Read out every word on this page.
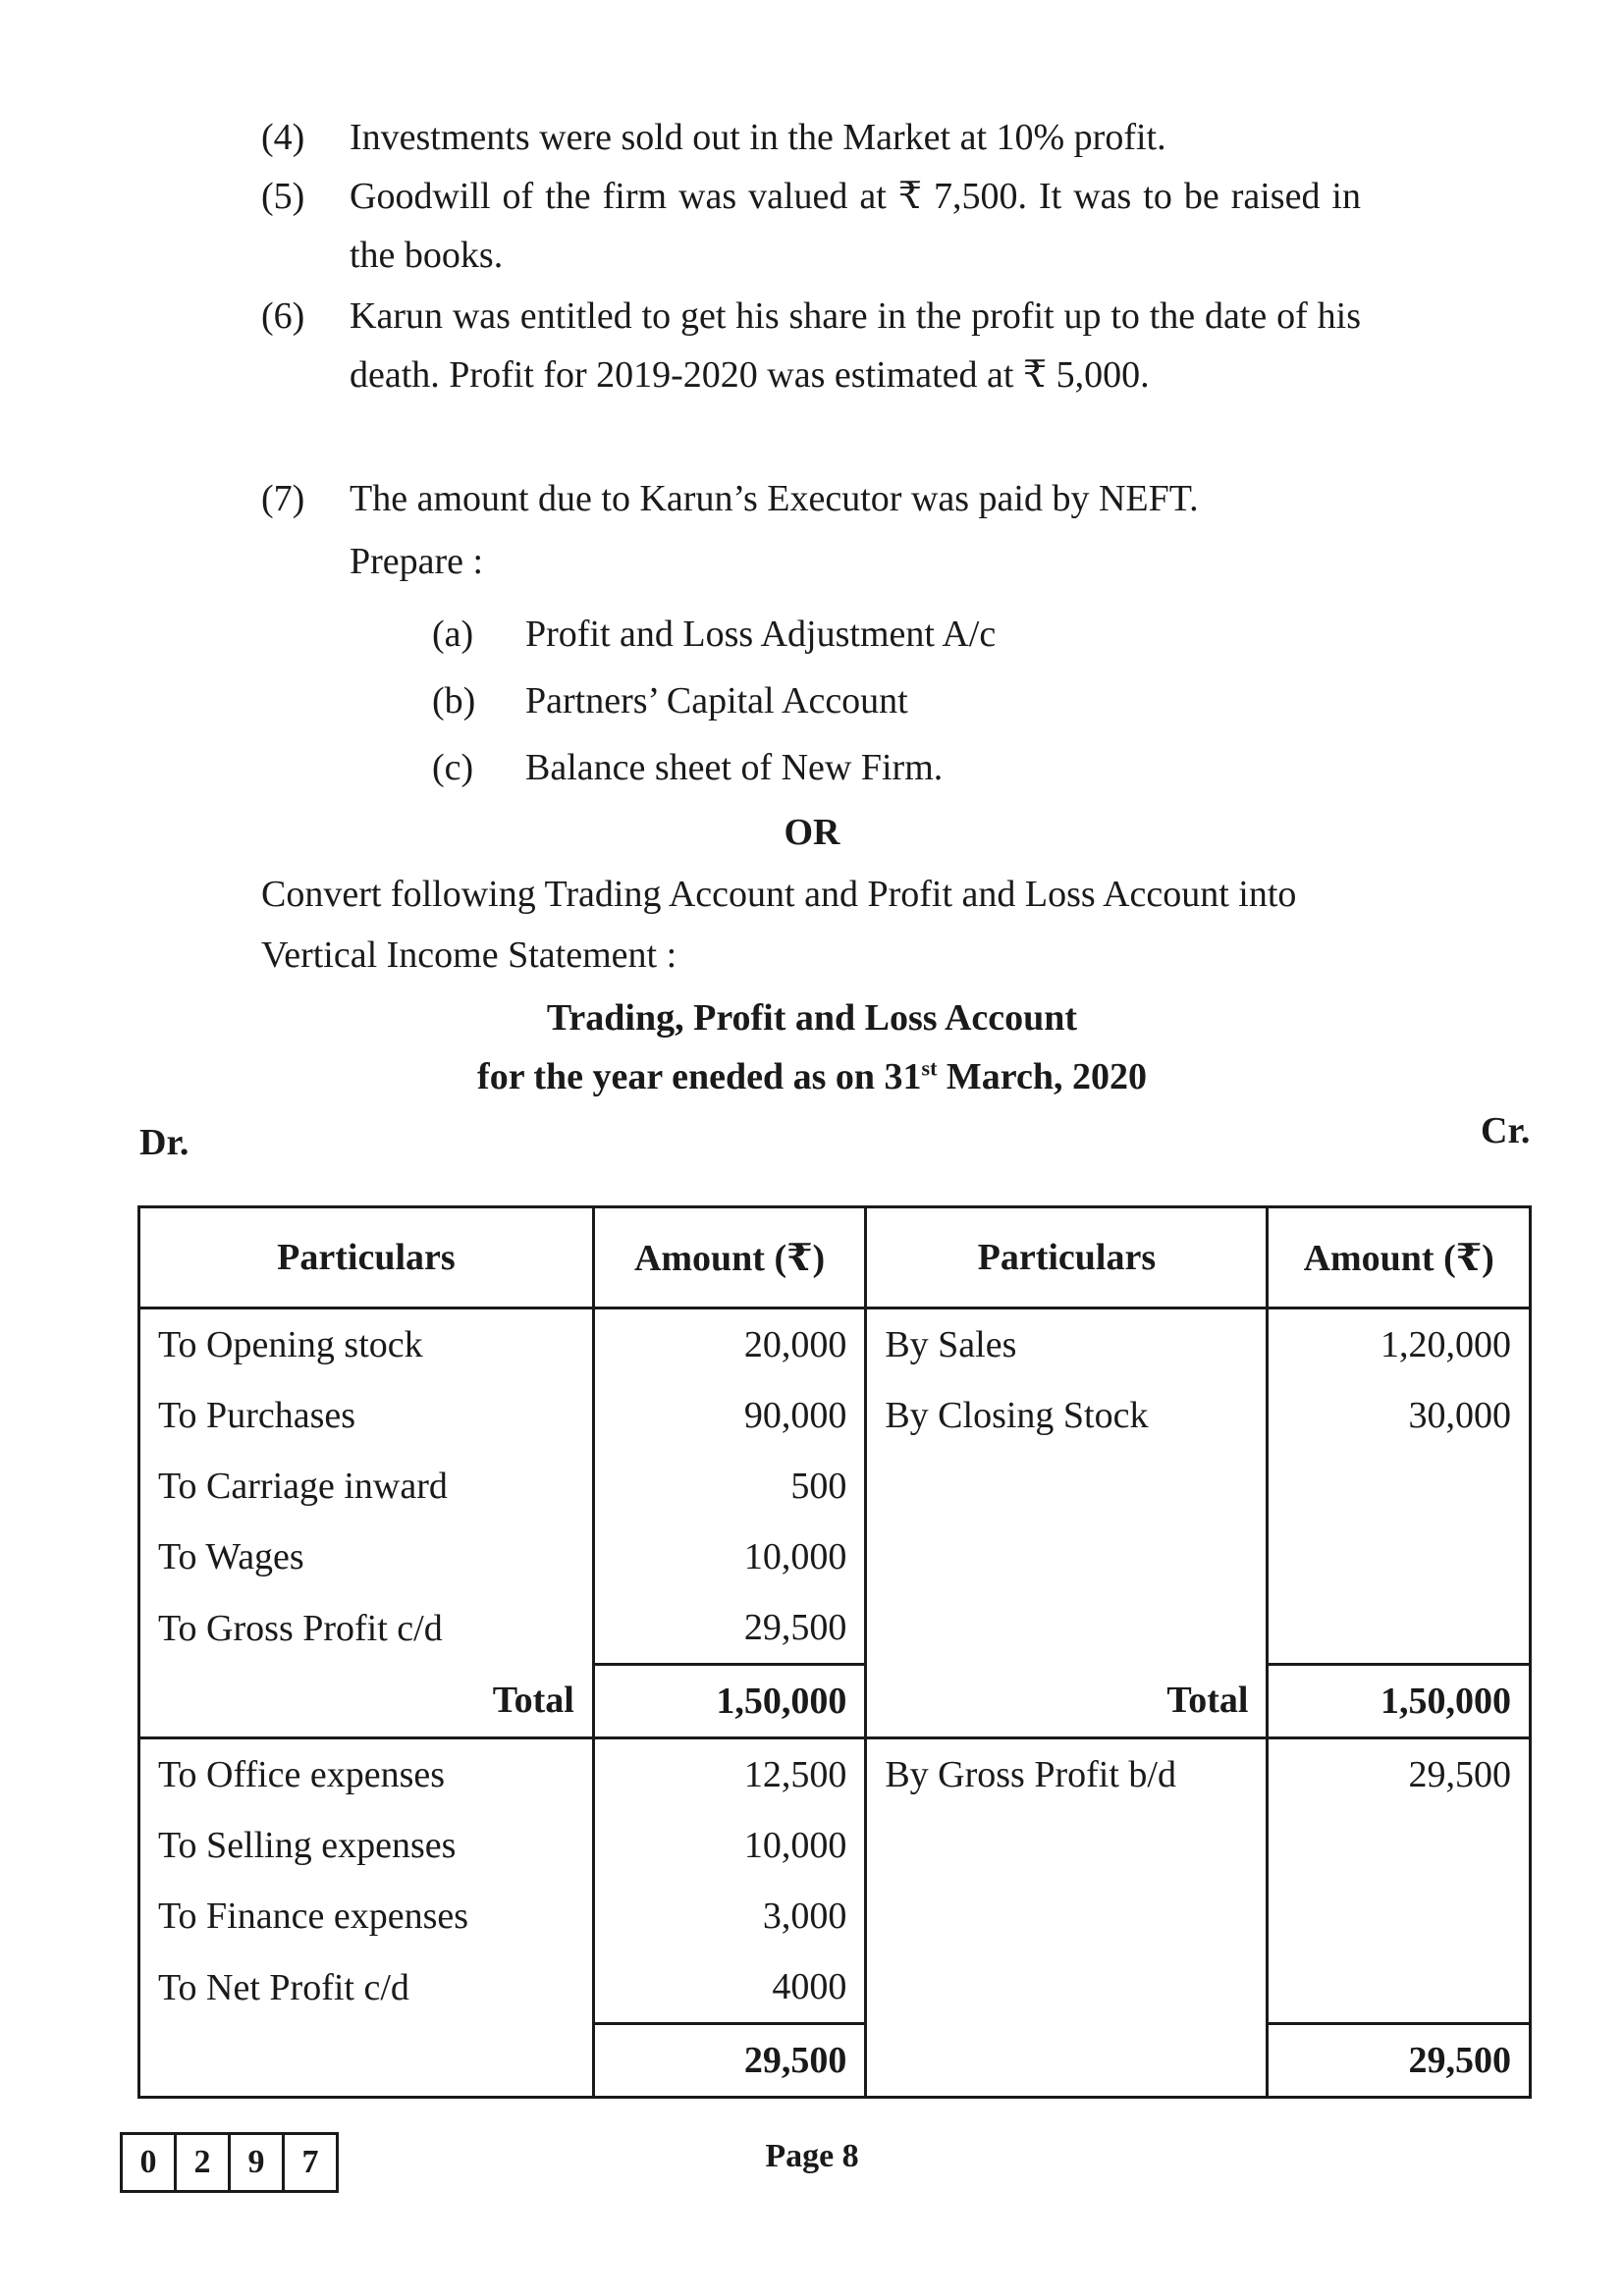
(4) Investments were sold out in the Market at 10% profit.
(5) Goodwill of the firm was valued at ₹ 7,500. It was to be raised in the books.
(6) Karun was entitled to get his share in the profit up to the date of his death. Profit for 2019-2020 was estimated at ₹ 5,000.
(7) The amount due to Karun’s Executor was paid by NEFT.
Prepare :
(a) Profit and Loss Adjustment A/c
(b) Partners’ Capital Account
(c) Balance sheet of New Firm.
OR
Convert following Trading Account and Profit and Loss Account into Vertical Income Statement :
Trading, Profit and Loss Account
for the year eneded as on 31st March, 2020
Dr.	Cr.
Particulars	Amount (₹)	Particulars	Amount (₹)
To Opening stock	20,000	By Sales	1,20,000
To Purchases	90,000	By Closing Stock	30,000
To Carriage inward	500		
To Wages	10,000		
To Gross Profit c/d	29,500		
Total	1,50,000	Total	1,50,000
To Office expenses	12,500	By Gross Profit b/d	29,500
To Selling expenses	10,000		
To Finance expenses	3,000		
To Net Profit c/d	4000		
	29,500		29,500
0	2	9	7	Page 8
